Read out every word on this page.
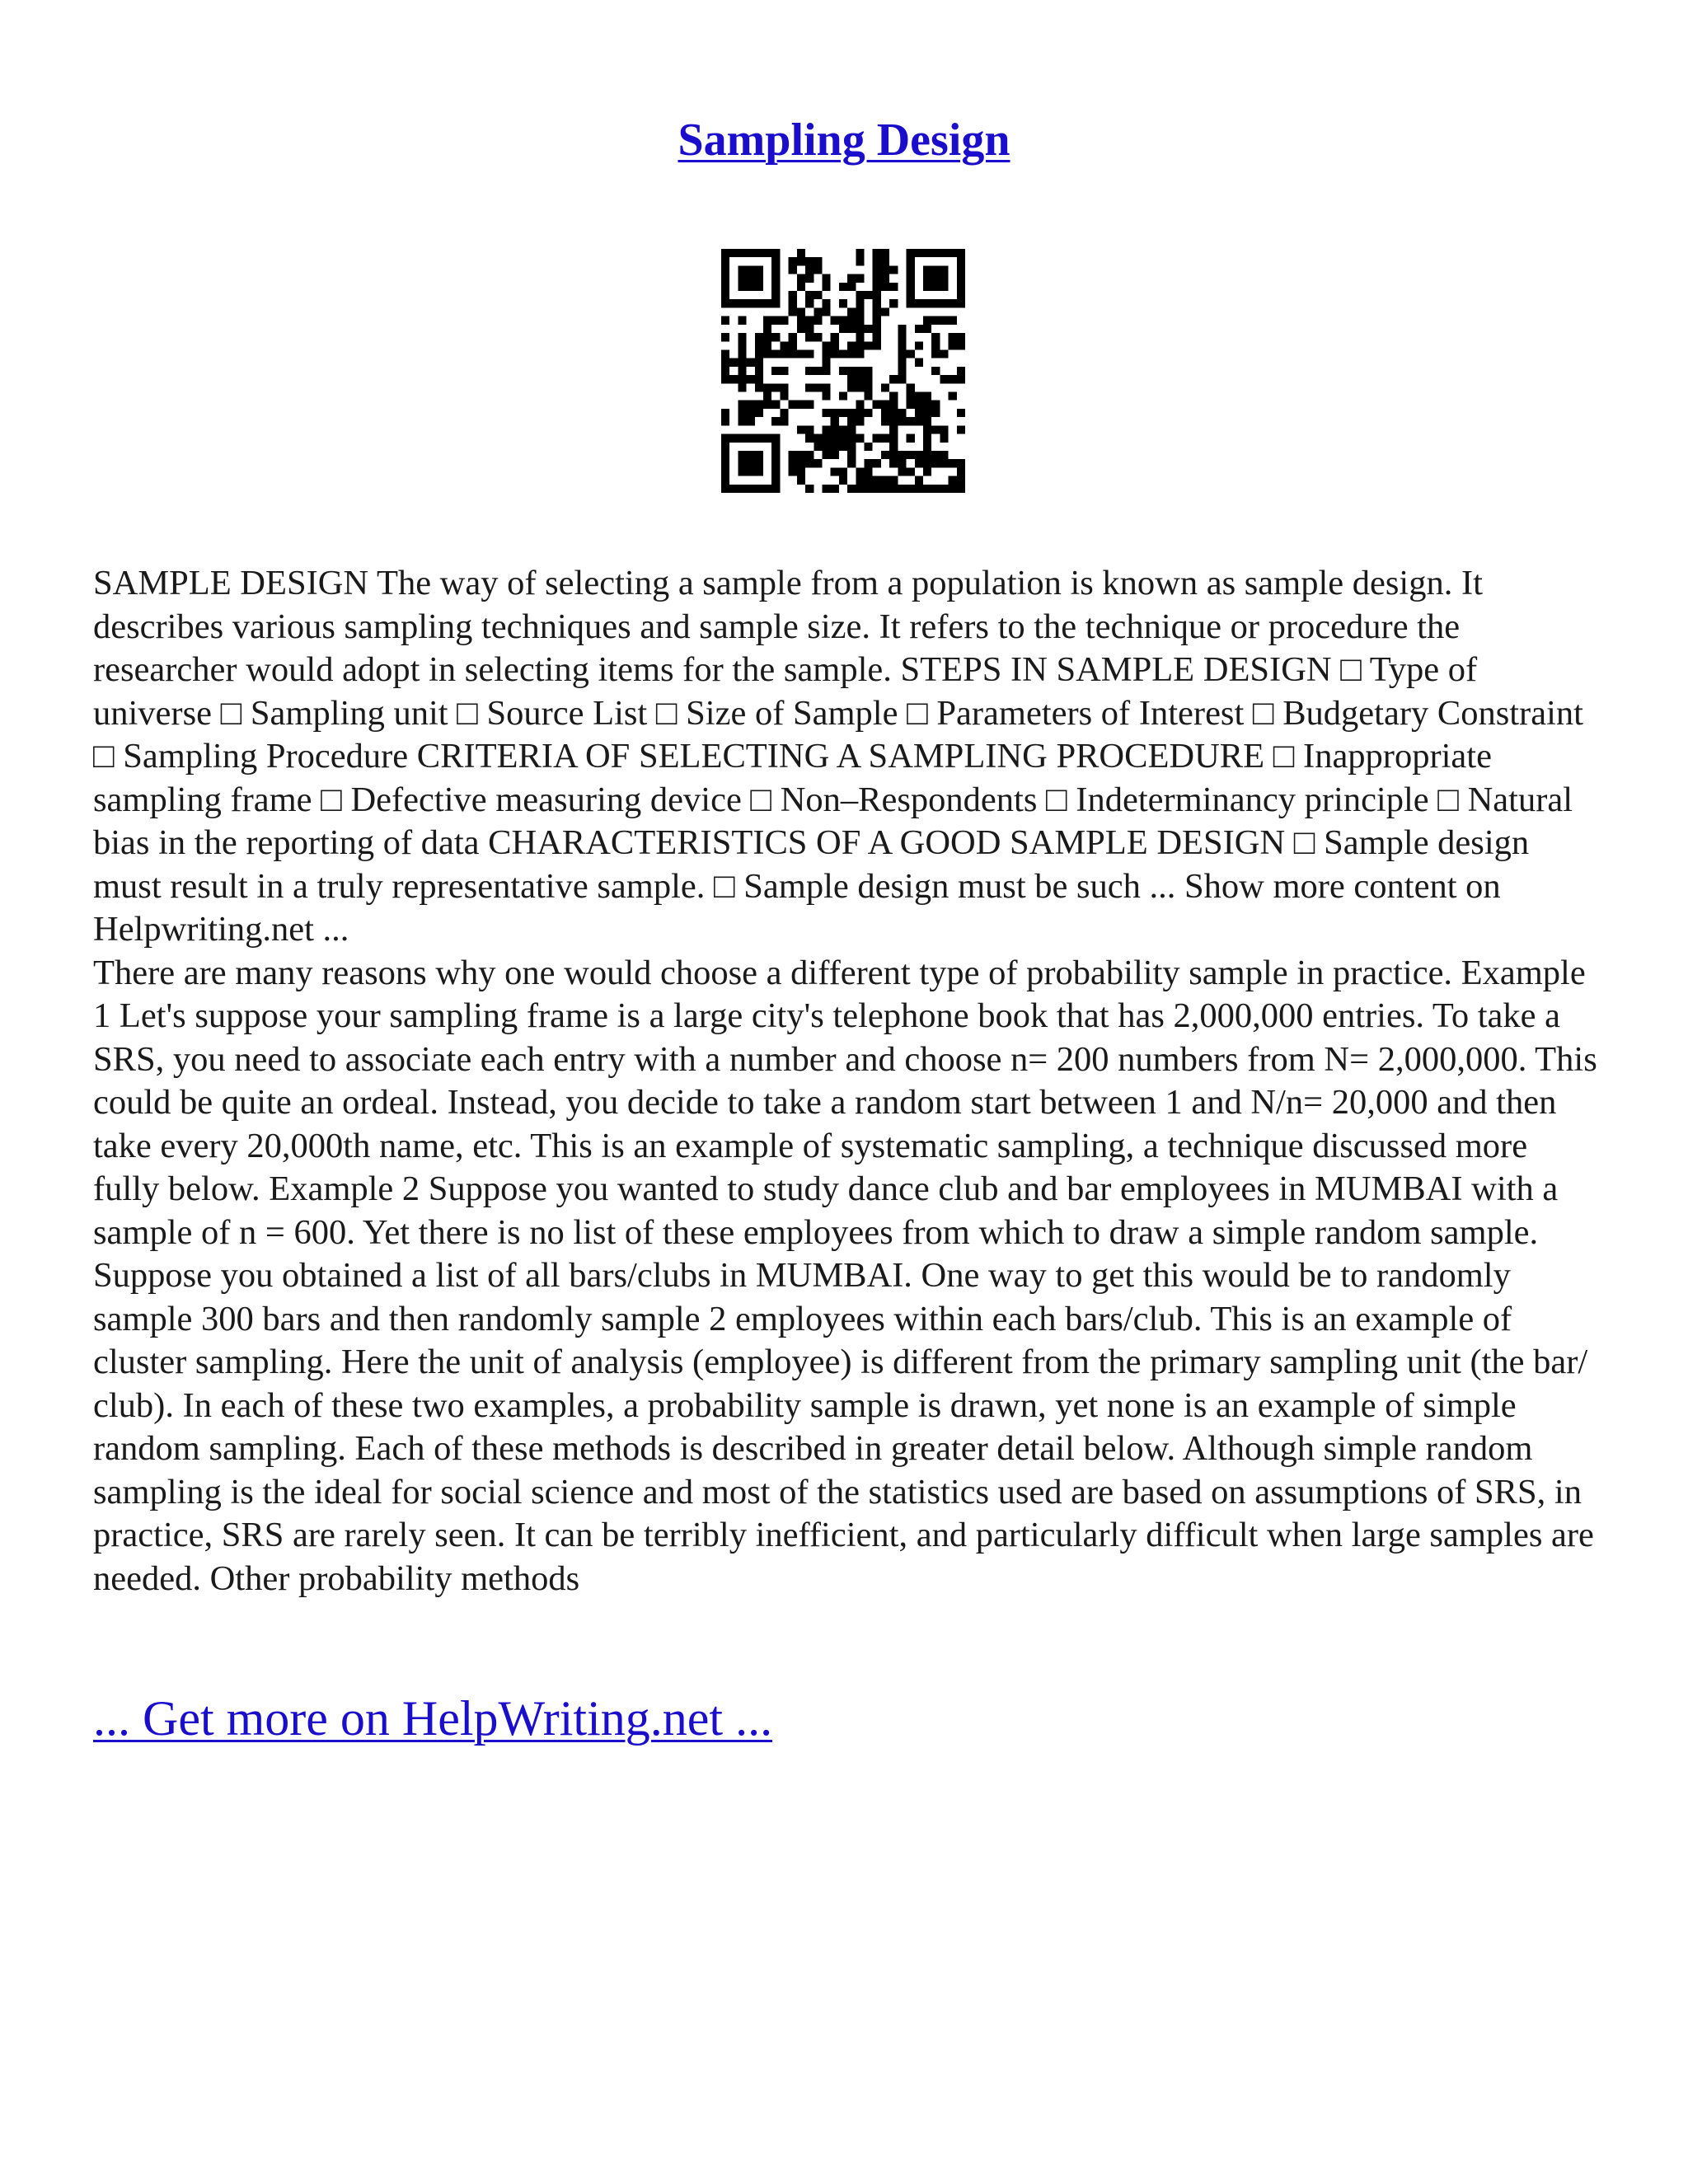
Sampling Design

SAMPLE DESIGN The way of selecting a sample from a population is known as sample design. It describes various sampling techniques and sample size. It refers to the technique or procedure the researcher would adopt in selecting items for the sample. STEPS IN SAMPLE DESIGN □ Type of universe □ Sampling unit □ Source List □ Size of Sample □ Parameters of Interest □ Budgetary Constraint □ Sampling Procedure CRITERIA OF SELECTING A SAMPLING PROCEDURE □ Inappropriate sampling frame □ Defective measuring device □ Non–Respondents □ Indeterminancy principle □ Natural bias in the reporting of data CHARACTERISTICS OF A GOOD SAMPLE DESIGN □ Sample design must result in a truly representative sample. □ Sample design must be such ... Show more content on Helpwriting.net ...

There are many reasons why one would choose a different type of probability sample in practice. Example 1 Let's suppose your sampling frame is a large city's telephone book that has 2,000,000 entries. To take a SRS, you need to associate each entry with a number and choose n= 200 numbers from N= 2,000,000. This could be quite an ordeal. Instead, you decide to take a random start between 1 and N/n= 20,000 and then take every 20,000th name, etc. This is an example of systematic sampling, a technique discussed more fully below. Example 2 Suppose you wanted to study dance club and bar employees in MUMBAI with a sample of n = 600. Yet there is no list of these employees from which to draw a simple random sample. Suppose you obtained a list of all bars/clubs in MUMBAI. One way to get this would be to randomly sample 300 bars and then randomly sample 2 employees within each bars/club. This is an example of cluster sampling. Here the unit of analysis (employee) is different from the primary sampling unit (the bar/ club). In each of these two examples, a probability sample is drawn, yet none is an example of simple random sampling. Each of these methods is described in greater detail below. Although simple random sampling is the ideal for social science and most of the statistics used are based on assumptions of SRS, in practice, SRS are rarely seen. It can be terribly inefficient, and particularly difficult when large samples are needed. Other probability methods

... Get more on HelpWriting.net ...
